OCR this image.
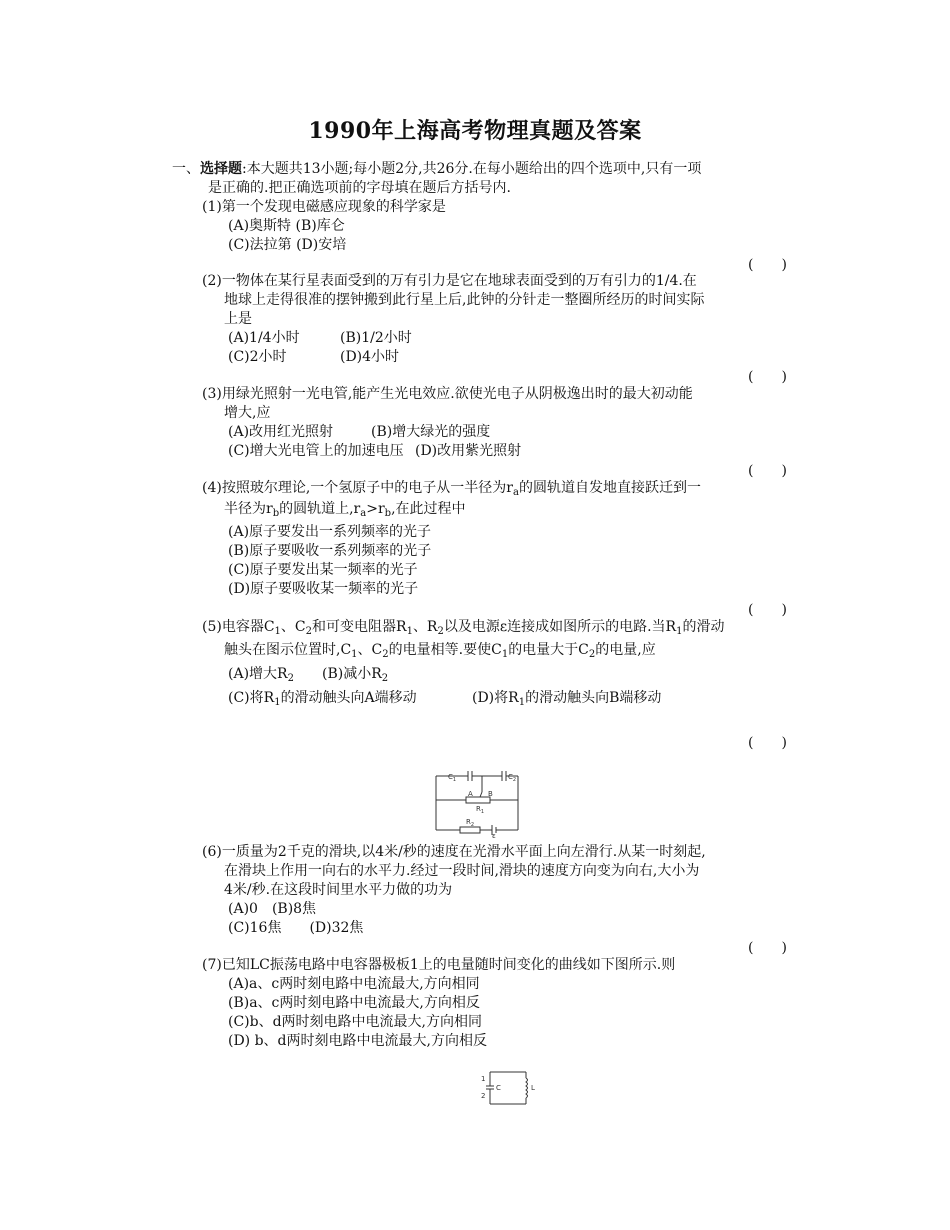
1990年上海高考物理真题及答案
一、选择题:本大题共13小题;每小题2分,共26分.在每小题给出的四个选项中,只有一项
是正确的.把正确选项前的字母填在题后方括号内.
(1)第一个发现电磁感应现象的科学家是
(A)奥斯特 (B)库仑
(C)法拉第 (D)安培
(　　)
(2)一物体在某行星表面受到的万有引力是它在地球表面受到的万有引力的1/4.在
地球上走得很准的摆钟搬到此行星上后,此钟的分针走一整圈所经历的时间实际
上是
(A)1/4小时	(B)1/2小时
(C)2小时	(D)4小时
(　　)
(3)用绿光照射一光电管,能产生光电效应.欲使光电子从阴极逸出时的最大初动能
增大,应
(A)改用红光照射	(B)增大绿光的强度
(C)增大光电管上的加速电压 (D)改用紫光照射
(　　)
(4)按照玻尔理论,一个氢原子中的电子从一半径为$r_a$的圆轨道自发地直接跃迁到一
半径为$r_b$的圆轨道上$,r_a>r_b$,在此过程中
(A)原子要发出一系列频率的光子
(B)原子要吸收一系列频率的光子
(C)原子要发出某一频率的光子
(D)原子要吸收某一频率的光子
(　　)
(5)电容器$C_1$、$C_2$和可变电阻器$R_1$、$R_2$以及电源ε连接成如图所示的电路.当$R_1$的滑动
触头在图示位置时$,C_1$、$C_2$的电量相等.要使$C_1$的电量大于$C_2$的电量,应
(A)增大$R_2$ (B)减小$R_2$
(C)将$R_1$的滑动触头向A端移动	(D)将$R_1$的滑动触头向B端移动
(　　)
$C_1$	$C_2$
A B
$R_1$
$R_2$
ε
(6)一质量为2千克的滑块,以4米/秒的速度在光滑水平面上向左滑行.从某一时刻起,
在滑块上作用一向右的水平力.经过一段时间,滑块的速度方向变为向右,大小为
4米/秒.在这段时间里水平力做的功为
(A)0　(B)8焦
(C)16焦　　(D)32焦
(　　)
(7)已知LC振荡电路中电容器极板1上的电量随时间变化的曲线如下图所示.则
(A)a、c两时刻电路中电流最大,方向相同
(B)a、c两时刻电路中电流最大,方向相反
(C)b、d两时刻电路中电流最大,方向相同
(D) b、d两时刻电路中电流最大,方向相反
1
2
C	L
